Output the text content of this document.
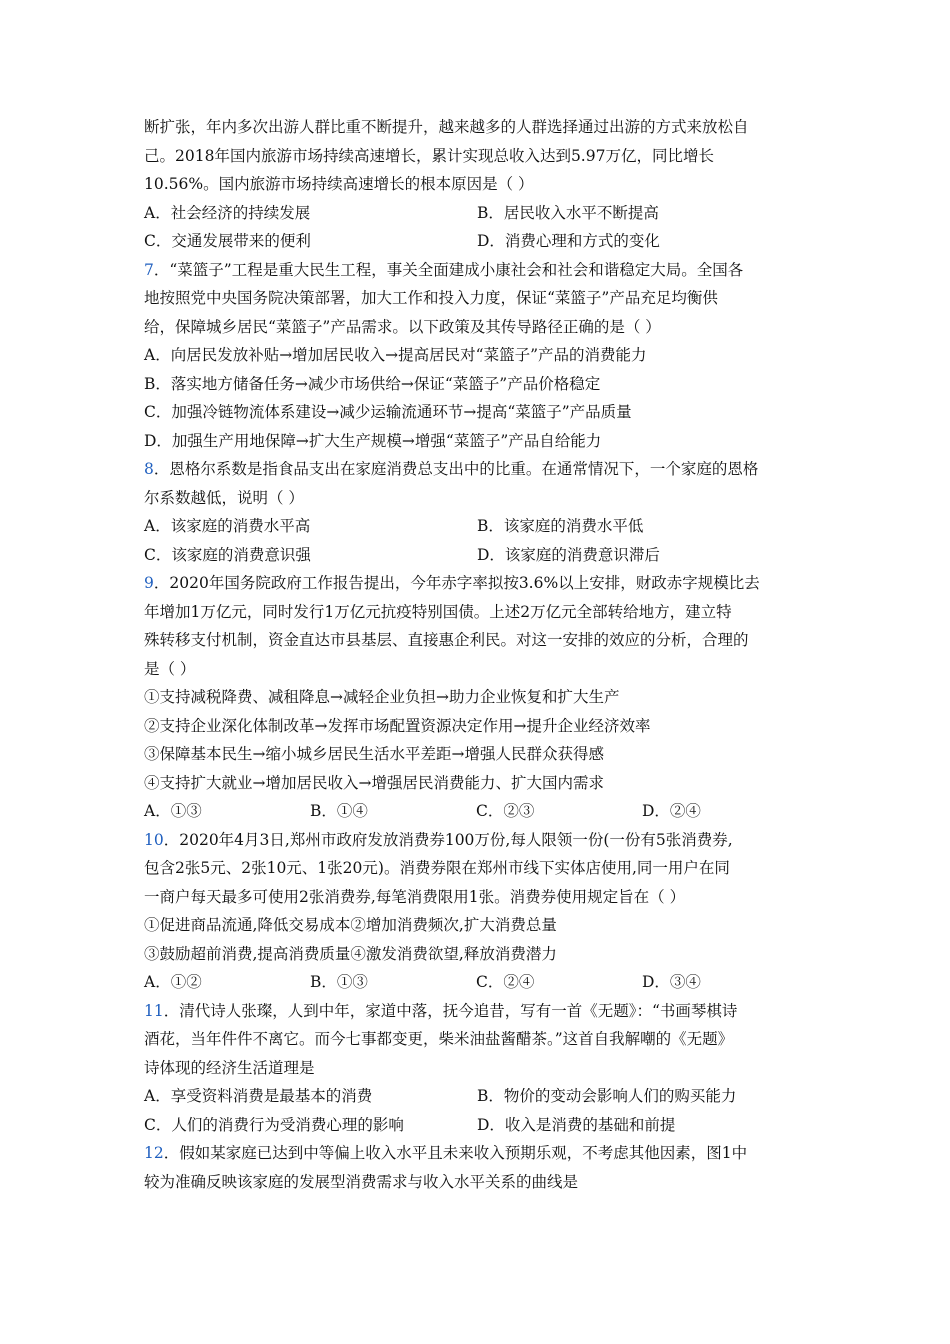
断扩张，年内多次出游人群比重不断提升，越来越多的人群选择通过出游的方式来放松自
己。2018年国内旅游市场持续高速增长，累计实现总收入达到5.97万亿，同比增长
10.56%。国内旅游市场持续高速增长的根本原因是（ ）
A．社会经济的持续发展	B．居民收入水平不断提高
C．交通发展带来的便利	D．消费心理和方式的变化
7．“菜篮子”工程是重大民生工程，事关全面建成小康社会和社会和谐稳定大局。全国各
地按照党中央国务院决策部署，加大工作和投入力度，保证“菜篮子”产品充足均衡供
给，保障城乡居民“菜篮子”产品需求。以下政策及其传导路径正确的是（ ）
A．向居民发放补贴→增加居民收入→提高居民对“菜篮子”产品的消费能力
B．落实地方储备任务→减少市场供给→保证“菜篮子”产品价格稳定
C．加强冷链物流体系建设→减少运输流通环节→提高“菜篮子”产品质量
D．加强生产用地保障→扩大生产规模→增强“菜篮子”产品自给能力
8．恩格尔系数是指食品支出在家庭消费总支出中的比重。在通常情况下，一个家庭的恩格
尔系数越低，说明（ ）
A．该家庭的消费水平高	B．该家庭的消费水平低
C．该家庭的消费意识强	D．该家庭的消费意识滞后
9．2020年国务院政府工作报告提出，今年赤字率拟按3.6%以上安排，财政赤字规模比去
年增加1万亿元，同时发行1万亿元抗疫特别国债。上述2万亿元全部转给地方，建立特
殊转移支付机制，资金直达市县基层、直接惠企利民。对这一安排的效应的分析，合理的
是（ ）
①支持减税降费、减租降息→减轻企业负担→助力企业恢复和扩大生产
②支持企业深化体制改革→发挥市场配置资源决定作用→提升企业经济效率
③保障基本民生→缩小城乡居民生活水平差距→增强人民群众获得感
④支持扩大就业→增加居民收入→增强居民消费能力、扩大国内需求
A．①③	B．①④	C．②③	D．②④
10．2020年4月3日,郑州市政府发放消费券100万份,每人限领一份(一份有5张消费券,
包含2张5元、2张10元、1张20元)。消费券限在郑州市线下实体店使用,同一用户在同
一商户每天最多可使用2张消费券,每笔消费限用1张。消费券使用规定旨在（ ）
①促进商品流通,降低交易成本②增加消费频次,扩大消费总量
③鼓励超前消费,提高消费质量④激发消费欲望,释放消费潜力
A．①②	B．①③	C．②④	D．③④
11．清代诗人张璨，人到中年，家道中落，抚今追昔，写有一首《无题》：“书画琴棋诗
酒花，当年件件不离它。而今七事都变更，柴米油盐酱醋茶。”这首自我解嘲的《无题》
诗体现的经济生活道理是
A．享受资料消费是最基本的消费	B．物价的变动会影响人们的购买能力
C．人们的消费行为受消费心理的影响	D．收入是消费的基础和前提
12．假如某家庭已达到中等偏上收入水平且未来收入预期乐观，不考虑其他因素，图1中
较为准确反映该家庭的发展型消费需求与收入水平关系的曲线是
